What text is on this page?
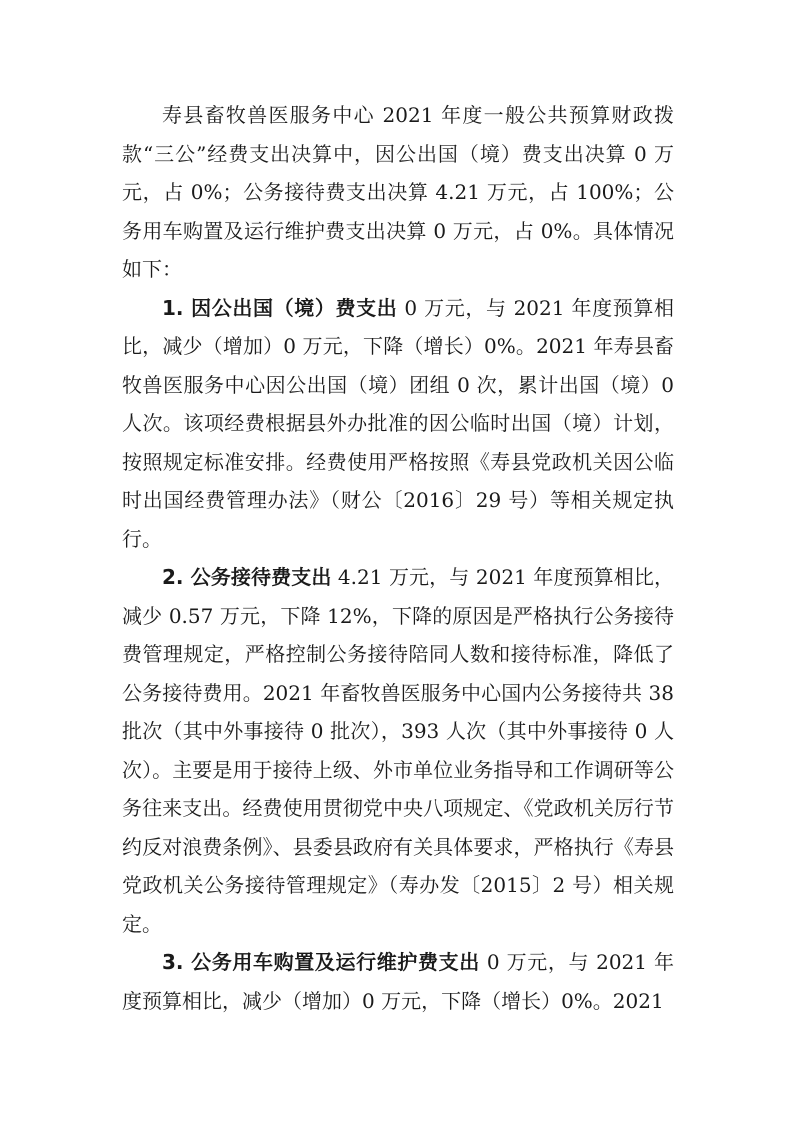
寿县畜牧兽医服务中心 2021 年度一般公共预算财政拨款“三公”经费支出决算中，因公出国（境）费支出决算 0 万元，占 0%；公务接待费支出决算 4.21 万元，占 100%；公务用车购置及运行维护费支出决算 0 万元，占 0%。具体情况如下：

1. 因公出国（境）费支出 0 万元，与 2021 年度预算相比，减少（增加）0 万元，下降（增长）0%。2021 年寿县畜牧兽医服务中心因公出国（境）团组 0 次，累计出国（境）0 人次。该项经费根据县外办批准的因公临时出国（境）计划，按照规定标准安排。经费使用严格按照《寿县党政机关因公临时出国经费管理办法》（财公〔2016〕29 号）等相关规定执行。

2. 公务接待费支出 4.21 万元，与 2021 年度预算相比，减少 0.57 万元，下降 12%，下降的原因是严格执行公务接待费管理规定，严格控制公务接待陪同人数和接待标准，降低了公务接待费用。2021 年畜牧兽医服务中心国内公务接待共 38 批次（其中外事接待 0 批次），393 人次（其中外事接待 0 人次）。主要是用于接待上级、外市单位业务指导和工作调研等公务往来支出。经费使用贯彻党中央八项规定、《党政机关厉行节约反对浪费条例》、县委县政府有关具体要求，严格执行《寿县党政机关公务接待管理规定》（寿办发〔2015〕2 号）相关规定。

3. 公务用车购置及运行维护费支出 0 万元，与 2021 年度预算相比，减少（增加）0 万元，下降（增长）0%。2021
